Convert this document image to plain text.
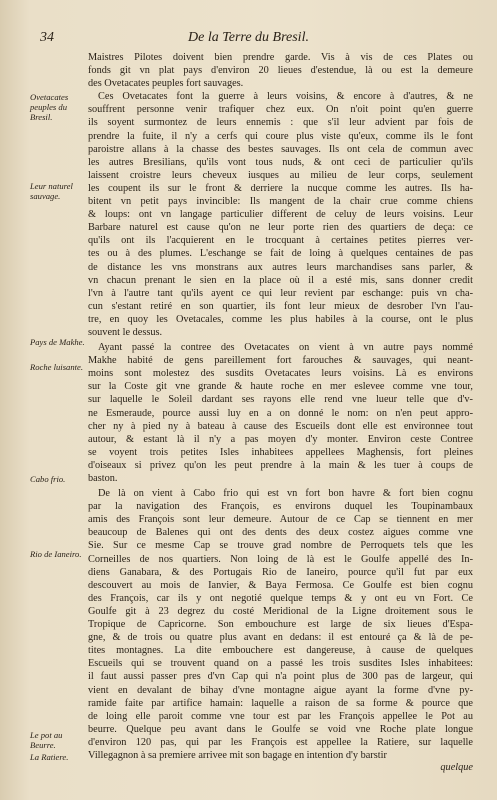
34	De la Terre du Bresil.

Maistres Pilotes doivent bien prendre garde. Vis à vis de ces Plates ou
fonds git vn plat pays d'environ 20 lieues d'estendue, là ou est la demeure
des Ovetacates peuples fort sauvages.

Ces Ovetacates font la guerre à leurs voisins, & encore à d'autres, & ne
souffrent personne venir trafiquer chez eux. On n'oit point qu'en guerre
ils soyent surmontez de leurs ennemis : que s'il leur advient par fois de
prendre la fuite, il n'y a cerfs qui coure plus viste qu'eux, comme ils le font
paroistre allans à la chasse des bestes sauvages. Ils ont cela de commun avec
les autres Bresilians, qu'ils vont tous nuds, & ont ceci de particulier qu'ils
laissent croistre leurs cheveux iusques au milieu de leur corps, seulement
les coupent ils sur le front & derriere la nucque comme les autres. Ils ha-
bitent vn petit pays invincible: Ils mangent de la chair crue comme chiens
& loups: ont vn langage particulier different de celuy de leurs voisins. Leur
Barbare naturel est cause qu'on ne leur porte rien des quartiers de deça: ce
qu'ils ont ils l'acquierent en le trocquant à certaines petites pierres ver-
tes ou à des plumes. L'eschange se fait de loing à quelques centaines de pas
de distance les vns monstrans aux autres leurs marchandises sans parler, &
vn chacun prenant le sien en la place où il a esté mis, sans donner credit
l'vn à l'autre tant qu'ils ayent ce qui leur revient par eschange: puis vn cha-
cun s'estant retiré en son quartier, ils font leur mieux de desrober l'vn l'au-
tre, en quoy les Ovetacales, comme les plus habiles à la course, ont le plus
souvent le dessus.

Ayant passé la contree des Ovetacates on vient à vn autre pays nommé
Makhe habité de gens pareillement fort farouches & sauvages, qui neant-
moins sont molestez des susdits Ovetacates leurs voisins. Là es environs
sur la Coste git vne grande & haute roche en mer eslevee comme vne tour,
sur laquelle le Soleil dardant ses rayons elle rend vne lueur telle que d'v-
ne Esmeraude, pource aussi luy en a on donné le nom: on n'en peut appro-
cher ny à pied ny à bateau à cause des Escueils dont elle est environnee tout
autour, & estant là il n'y a pas moyen d'y monter. Environ ceste Contree
se voyent trois petites Isles inhabitees appellees Maghensis, fort pleines
d'oiseaux si privez qu'on les peut prendre à la main & les tuer à coups de
baston.

De là on vient à Cabo frio qui est vn fort bon havre & fort bien cognu
par la navigation des François, es environs duquel les Toupinambaux
amis des François sont leur demeure. Autour de ce Cap se tiennent en mer
beaucoup de Balenes qui ont des dents des deux costez aigues comme vne
Sie. Sur ce mesme Cap se trouve grad nombre de Perroquets tels que les
Corneilles de nos quartiers. Non loing de là est le Goulfe appellé des In-
diens Ganabara, & des Portugais Rio de Ianeiro, pource qu'il fut par eux
descouvert au mois de Ianvier, & Baya Fermosa. Ce Goulfe est bien cognu
des François, car ils y ont negotié quelque temps & y ont eu vn Fort. Ce
Goulfe git à 23 degrez du costé Meridional de la Ligne droitement sous le
Tropique de Capricorne. Son embouchure est large de six lieues d'Espa-
gne, & de trois ou quatre plus avant en dedans: il est entouré ça & là de pe-
tites montagnes. La dite embouchere est dangereuse, à cause de quelques
Escueils qui se trouvent quand on a passé les trois susdites Isles inhabitees:
il faut aussi passer pres d'vn Cap qui n'a point plus de 300 pas de largeur, qui
vient en devalant de bihay d'vne montagne aigue ayant la forme d'vne py-
ramide faite par artifice hamain: laquelle a raison de sa forme & pource que
de loing elle paroit comme vne tour est par les François appellee le Pot au
beurre. Quelque peu avant dans le Goulfe se void vne Roche plate longue
d'environ 120 pas, qui par les François est appellee la Ratiere, sur laquelle
Villegagnon à sa premiere arrivee mit son bagage en intention d'y barstir

Ovetacates peuples du Bresil.
Leur naturel sauvage.
Pays de Makhe.
Roche luisante.
Cabo frio.
Rio de Ianeiro.
Le pot au Beurre.
La Ratiere.
quelque
